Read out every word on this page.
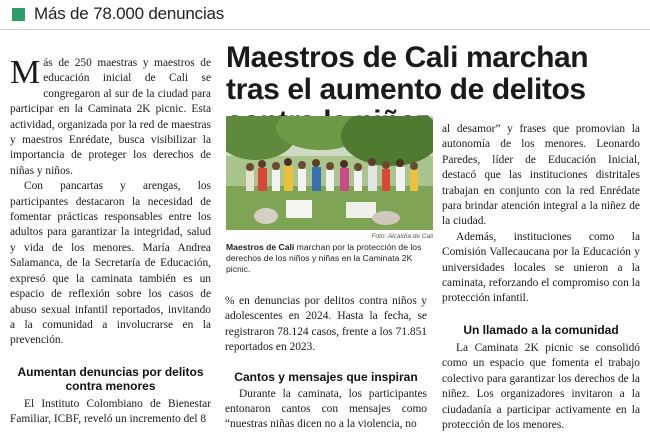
Más de 78.000 denuncias

Más de 250 maestras y maestros de educación inicial de Cali se congregaron al sur de la ciudad para participar en la Caminata 2K picnic. Esta actividad, organizada por la red de maestras y maestros Enrédate, busca visibilizar la importancia de proteger los derechos de niñas y niños.

Con pancartas y arengas, los participantes destacaron la necesidad de fomentar prácticas responsables entre los adultos para garantizar la integridad, salud y vida de los menores. María Andrea Salamanca, de la Secretaría de Educación, expresó que la caminata también es un espacio de reflexión sobre los casos de abuso sexual infantil reportados, invitando a la comunidad a involucrarse en la prevención.

Aumentan denuncias por delitos contra menores

El Instituto Colombiano de Bienestar Familiar, ICBF, reveló un incremento del 8

Maestros de Cali marchan tras el aumento de delitos
Foto: Alcaldía de Cali
Maestros de Cali marchan por la protección de los derechos de los niños y niñas en la Caminata 2K picnic.

% en denuncias por delitos contra niños y adolescentes en 2024. Hasta la fecha, se registraron 78.124 casos, frente a los 71.851 reportados en 2023.

Cantos y mensajes que inspiran

Durante la caminata, los participantes entonaron cantos con mensajes como “nuestras niñas dicen no a la violencia, no

al desamor” y frases que promovian la autonomía de los menores. Leonardo Paredes, líder de Educación Inicial, destacó que las instituciones distritales trabajan en conjunto con la red Enrédate para brindar atención integral a la niñez de la ciudad.

Además, instituciones como la Comisión Vallecaucana por la Educación y universidades locales se unieron a la caminata, reforzando el compromiso con la protección infantil.

Un llamado a la comunidad

La Caminata 2K picnic se consolidó como un espacio que fomenta el trabajo colectivo para garantizar los derechos de la niñez. Los organizadores invitaron a la ciudadanía a participar activamente en la protección de los menores.
